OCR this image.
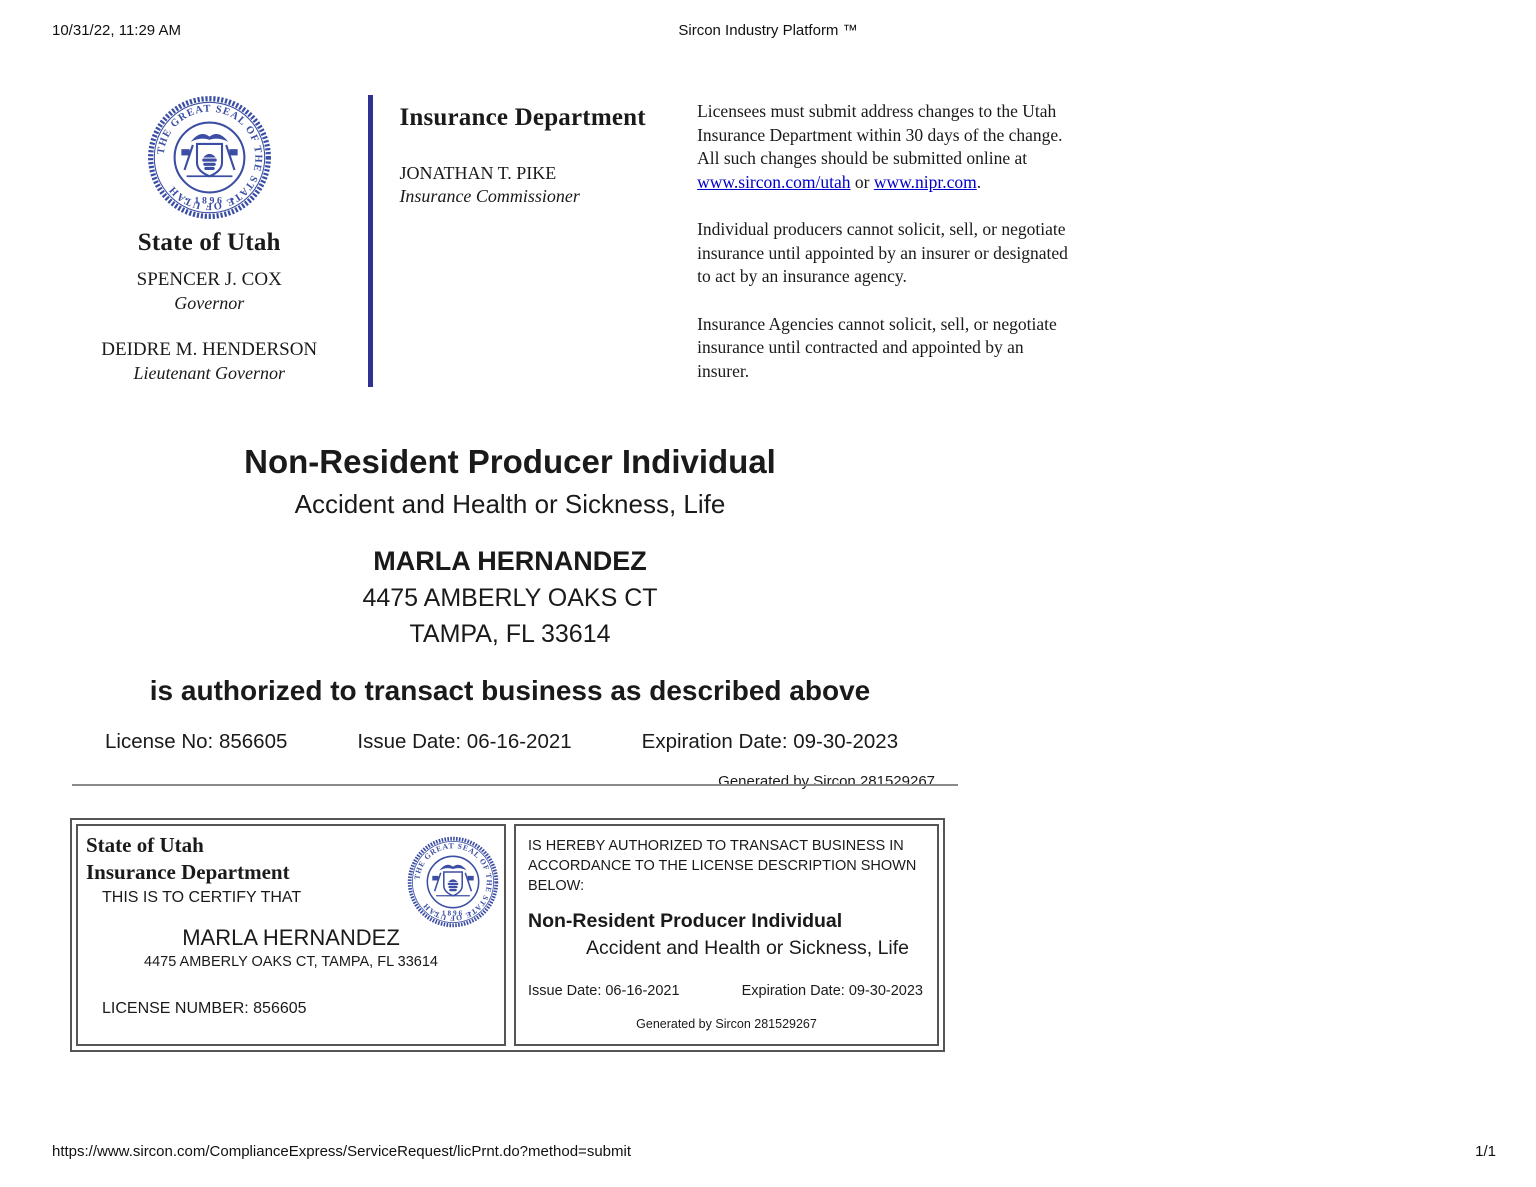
10/31/22, 11:29 AM	Sircon Industry Platform ™
State of Utah
SPENCER J. COX
Governor
DEIDRE M. HENDERSON
Lieutenant Governor
Insurance Department
JONATHAN T. PIKE
Insurance Commissioner

Licensees must submit address changes to the Utah Insurance Department within 30 days of the change. All such changes should be submitted online at www.sircon.com/utah or www.nipr.com.

Individual producers cannot solicit, sell, or negotiate insurance until appointed by an insurer or designated to act by an insurance agency.

Insurance Agencies cannot solicit, sell, or negotiate insurance until contracted and appointed by an insurer.

Non-Resident Producer Individual
Accident and Health or Sickness, Life
MARLA HERNANDEZ
4475 AMBERLY OAKS CT
TAMPA, FL 33614
is authorized to transact business as described above
License No: 856605	Issue Date: 06-16-2021	Expiration Date: 09-30-2023
Generated by Sircon 281529267
State of Utah
Insurance Department
THIS IS TO CERTIFY THAT
MARLA HERNANDEZ
4475 AMBERLY OAKS CT, TAMPA, FL 33614
LICENSE NUMBER: 856605
IS HEREBY AUTHORIZED TO TRANSACT BUSINESS IN ACCORDANCE TO THE LICENSE DESCRIPTION SHOWN BELOW:
Non-Resident Producer Individual
Accident and Health or Sickness, Life
Issue Date: 06-16-2021	Expiration Date: 09-30-2023
Generated by Sircon 281529267
https://www.sircon.com/ComplianceExpress/ServiceRequest/licPrnt.do?method=submit	1/1
